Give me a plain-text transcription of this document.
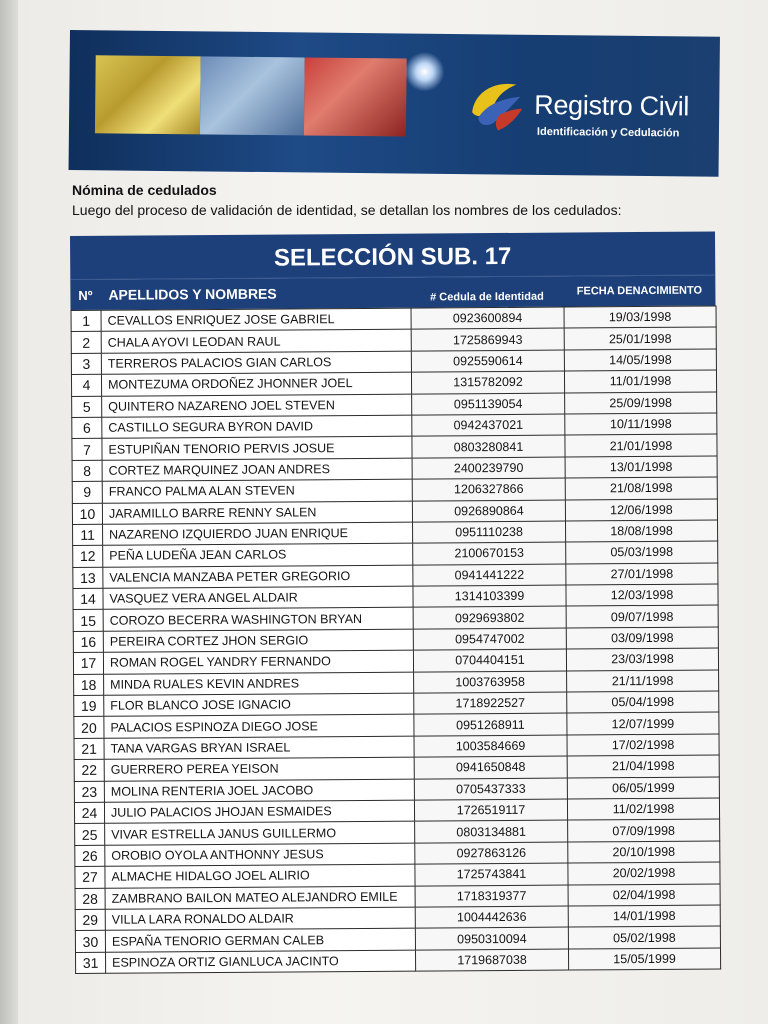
Registro Civil
Identificación y Cedulación
Nómina de cedulados
Luego del proceso de validación de identidad, se detallan los nombres de los cedulados:
SELECCIÓN SUB. 17
Nº	APELLIDOS Y NOMBRES	# Cedula de Identidad	FECHA DE NACIMIENTO
1	CEVALLOS ENRIQUEZ JOSE GABRIEL	0923600894	19/03/1998
2	CHALA AYOVI LEODAN RAUL	1725869943	25/01/1998
3	TERREROS PALACIOS GIAN CARLOS	0925590614	14/05/1998
4	MONTEZUMA ORDOÑEZ JHONNER JOEL	1315782092	11/01/1998
5	QUINTERO NAZARENO JOEL STEVEN	0951139054	25/09/1998
6	CASTILLO SEGURA BYRON DAVID	0942437021	10/11/1998
7	ESTUPIÑAN TENORIO PERVIS JOSUE	0803280841	21/01/1998
8	CORTEZ MARQUINEZ JOAN ANDRES	2400239790	13/01/1998
9	FRANCO PALMA ALAN STEVEN	1206327866	21/08/1998
10	JARAMILLO BARRE RENNY SALEN	0926890864	12/06/1998
11	NAZARENO IZQUIERDO JUAN ENRIQUE	0951110238	18/08/1998
12	PEÑA LUDEÑA JEAN CARLOS	2100670153	05/03/1998
13	VALENCIA MANZABA PETER GREGORIO	0941441222	27/01/1998
14	VASQUEZ VERA ANGEL ALDAIR	1314103399	12/03/1998
15	COROZO BECERRA WASHINGTON BRYAN	0929693802	09/07/1998
16	PEREIRA CORTEZ JHON SERGIO	0954747002	03/09/1998
17	ROMAN ROGEL YANDRY FERNANDO	0704404151	23/03/1998
18	MINDA RUALES KEVIN ANDRES	1003763958	21/11/1998
19	FLOR BLANCO JOSE IGNACIO	1718922527	05/04/1998
20	PALACIOS ESPINOZA DIEGO JOSE	0951268911	12/07/1999
21	TANA VARGAS BRYAN ISRAEL	1003584669	17/02/1998
22	GUERRERO PEREA YEISON	0941650848	21/04/1998
23	MOLINA RENTERIA JOEL JACOBO	0705437333	06/05/1999
24	JULIO PALACIOS JHOJAN ESMAIDES	1726519117	11/02/1998
25	VIVAR ESTRELLA JANUS GUILLERMO	0803134881	07/09/1998
26	OROBIO OYOLA ANTHONNY JESUS	0927863126	20/10/1998
27	ALMACHE HIDALGO JOEL ALIRIO	1725743841	20/02/1998
28	ZAMBRANO BAILON MATEO ALEJANDRO EMILE	1718319377	02/04/1998
29	VILLA LARA RONALDO ALDAIR	1004442636	14/01/1998
30	ESPAÑA TENORIO GERMAN CALEB	0950310094	05/02/1998
31	ESPINOZA ORTIZ GIANLUCA JACINTO	1719687038	15/05/1999
